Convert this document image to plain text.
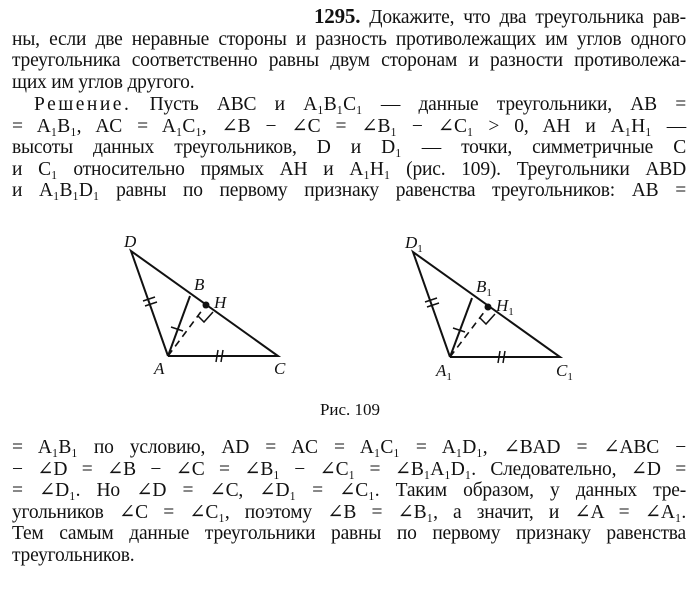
1295. Докажите, что два треугольника рав-
ны, если две неравные стороны и разность противолежащих им углов одного
треугольника соответственно равны двум сторонам и разности противолежа-
щих им углов другого.
Решение. Пусть ABC и A₁B₁C₁ — данные треугольники, AB =
= A₁B₁, AC = A₁C₁, ∠B − ∠C = ∠B₁ − ∠C₁ > 0, AH и A₁H₁ —
высоты данных треугольников, D и D₁ — точки, симметричные C
и C₁ относительно прямых AH и A₁H₁ (рис. 109). Треугольники ABD
и A₁B₁D₁ равны по первому признаку равенства треугольников: AB =
D
B
H
A	C
$D_1$
$B_1$
$H_1$
$A_1$	$C_1$
Рис. 109
= A₁B₁ по условию, AD = AC = A₁C₁ = A₁D₁, ∠BAD = ∠ABC −
− ∠D = ∠B − ∠C = ∠B₁ − ∠C₁ = ∠B₁A₁D₁. Следовательно, ∠D =
= ∠D₁. Но ∠D = ∠C, ∠D₁ = ∠C₁. Таким образом, у данных тре-
угольников ∠C = ∠C₁, поэтому ∠B = ∠B₁, а значит, и ∠A = ∠A₁.
Тем самым данные треугольники равны по первому признаку равенства
треугольников.
